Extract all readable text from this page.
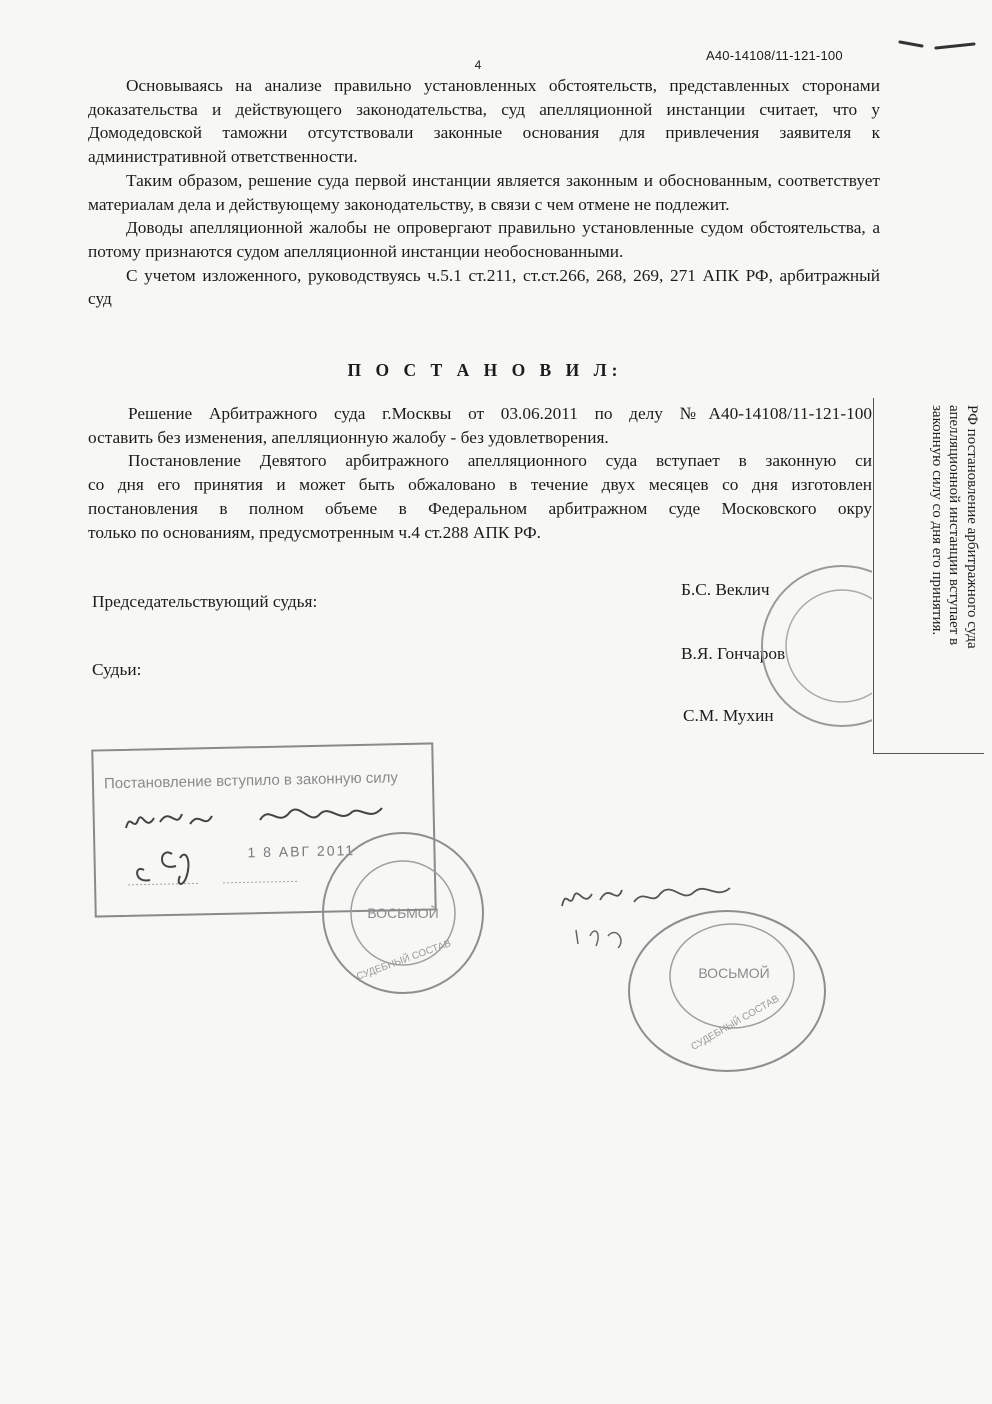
4
А40-14108/11-121-100

Основываясь на анализе правильно установленных обстоятельств, представленных сторонами доказательства и действующего законодательства, суд апелляционной инстанции считает, что у Домодедовской таможни отсутствовали законные основания для привлечения заявителя к административной ответственности.

Таким образом, решение суда первой инстанции является законным и обоснованным, соответствует материалам дела и действующему законодательству, в связи с чем отмене не подлежит.

Доводы апелляционной жалобы не опровергают правильно установленные судом обстоятельства, а потому признаются судом апелляционной инстанции необоснованными.

С учетом изложенного, руководствуясь ч.5.1 ст.211, ст.ст.266, 268, 269, 271 АПК РФ, арбитражный суд

П О С Т А Н О В И Л:
Решение Арбитражного суда г.Москвы от 03.06.2011 по делу №А40-14108/11-121-100
оставить без изменения, апелляционную жалобу - без удовлетворения.
Постановление Девятого арбитражного апелляционного суда вступает в законную си
со дня его принятия и может быть обжаловано в течение двух месяцев со дня изготовлен
постановления в полном объеме в Федеральном арбитражном суде Московского окру
только по основаниям, предусмотренным ч.4 ст.288 АПК РФ.
Председательствующий судья:
Судьи:
Б.С. Веклич
В.Я. Гончаров
С.М. Мухин
РФ постановление арбитражного суда
апелляционной инстанции вступает в
законную силу со дня его принятия.
Постановление вступило в законную силу
1 8 АВГ 2011
ВОСЬМОЙ
СУДЕБНЫЙ СОСТАВ	ВОСЬМОЙ
СУДЕБНЫЙ СОСТАВ
